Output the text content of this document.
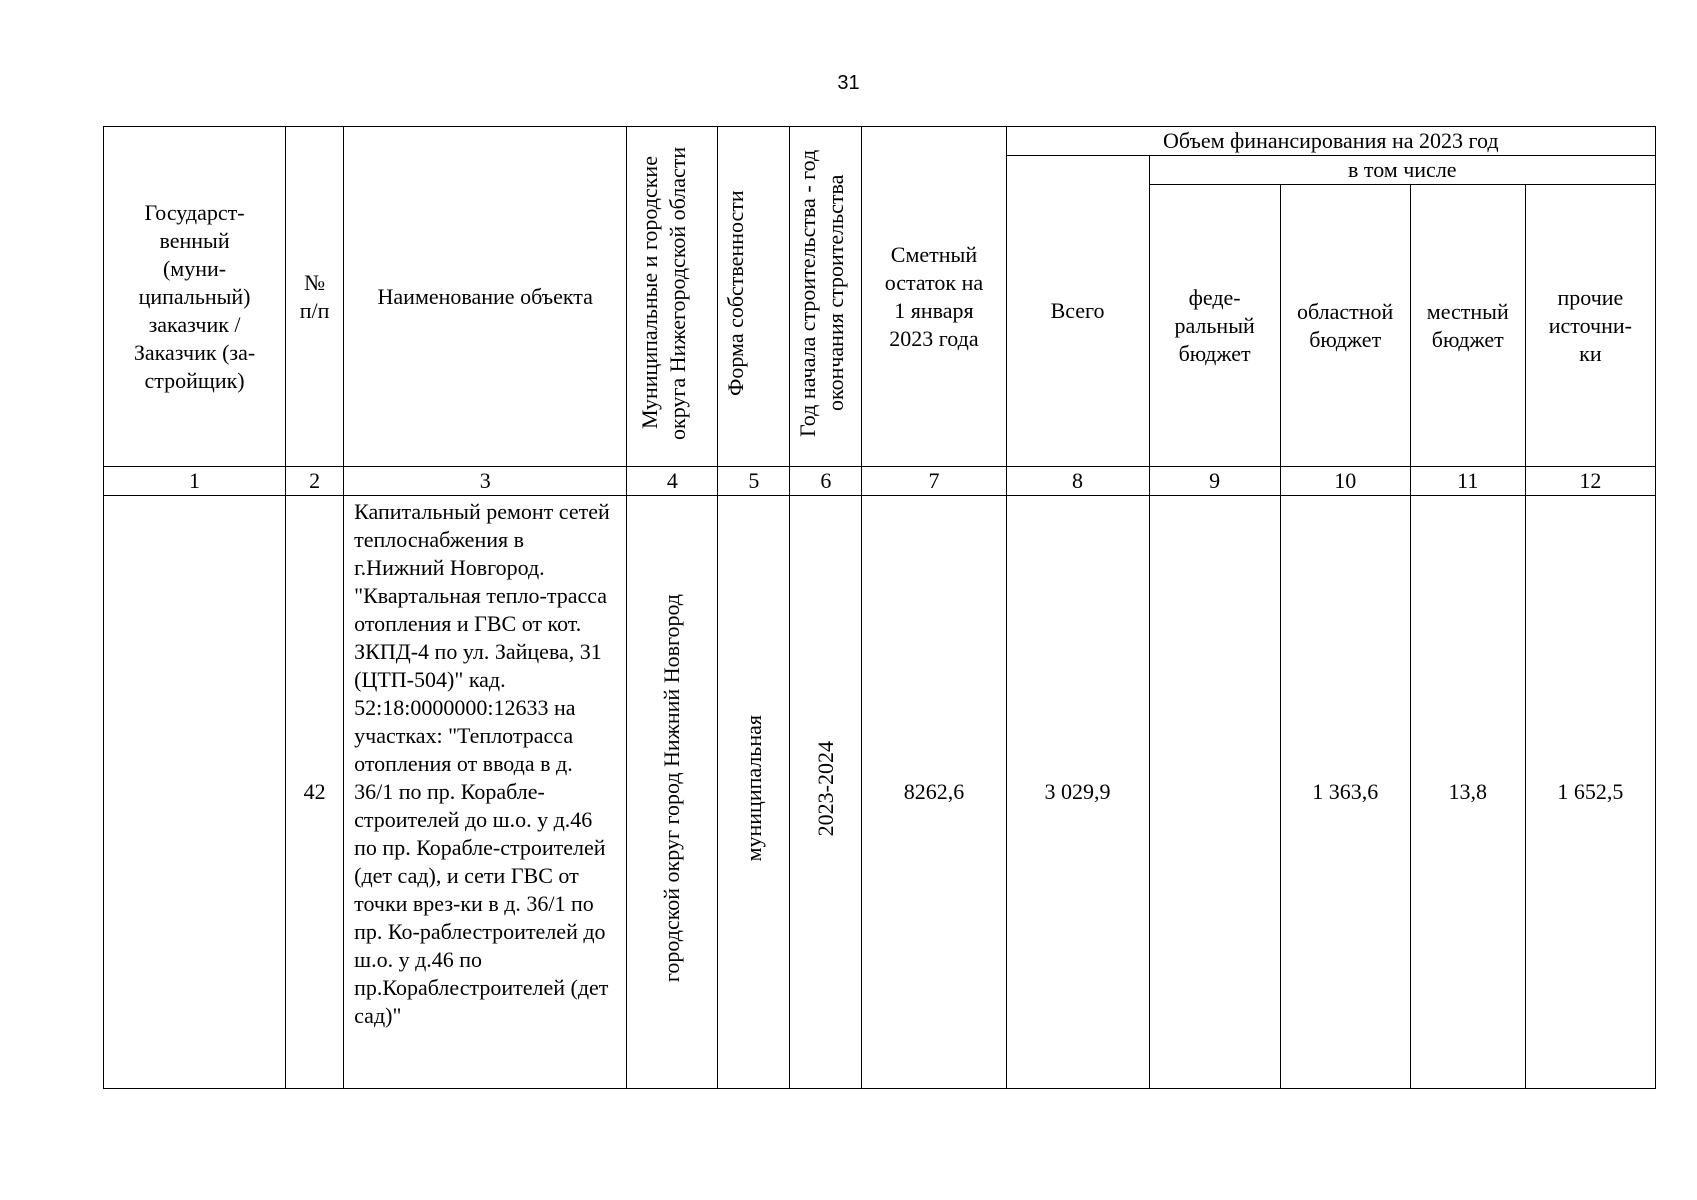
31
Государст-венный (муни-ципальный) заказчик / Заказчик (за-стройщик)	№ п/п	Наименование объекта	Муниципальные и городские округа Нижегородской области	Форма собственности	Год начала строительства - год окончания строительства	Сметный остаток на 1 января 2023 года	Объем финансирования на 2023 год				
							Всего	в том числе			

								феде-ральный бюджет	областной бюджет	местный бюджет	прочие источни-ки

1	2	3	4	5	6	7	8	9	10	11	12
	42	Капитальный ремонт сетей теплоснабжения в г.Нижний Новгород. "Квартальная тепло-трасса отопления и ГВС от кот. ЗКПД-4 по ул. Зайцева, 31 (ЦТП-504)" кад. 52:18:0000000:12633 на участках: "Теплотрасса отопления от ввода в д. 36/1 по пр. Корабле-строителей до ш.о. у д.46 по пр. Корабле-строителей (дет сад), и сети ГВС от точки врез-ки в д. 36/1 по пр. Ко-раблестроителей до ш.о. у д.46 по пр.Кораблестроителей (дет сад)"	городской округ город Нижний Новгород	муниципальная	2023-2024	8262,6	3 029,9		1 363,6	13,8	1 652,5
